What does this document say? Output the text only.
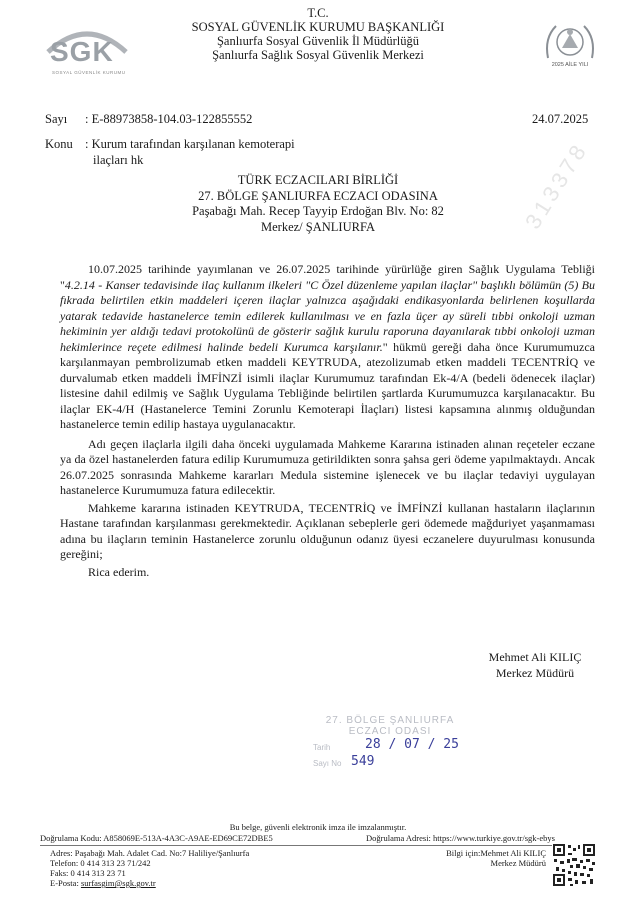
313378
SGK
SOSYAL GÜVENLİK KURUMU
T.C.
SOSYAL GÜVENLİK KURUMU BAŞKANLIĞI
Şanlıurfa Sosyal Güvenlik İl Müdürlüğü
Şanlıurfa Sağlık Sosyal Güvenlik Merkezi
2025 AİLE YILI
Sayı : E-88973858-104.03-122855552	24.07.2025
Konu : Kurum tarafından karşılanan kemoterapi
ilaçları hk
TÜRK ECZACILARI BİRLİĞİ
27. BÖLGE ŞANLIURFA ECZACI ODASINA
Paşabağı Mah. Recep Tayyip Erdoğan Blv. No: 82
Merkez/ ŞANLIURFA

10.07.2025 tarihinde yayımlanan ve 26.07.2025 tarihinde yürürlüğe giren Sağlık Uygulama Tebliği "4.2.14 - Kanser tedavisinde ilaç kullanım ilkeleri "C Özel düzenleme yapılan ilaçlar" başlıklı bölümün (5) Bu fıkrada belirtilen etkin maddeleri içeren ilaçlar yalnızca aşağıdaki endikasyonlarda belirlenen koşullarda yatarak tedavide hastanelerce temin edilerek kullanılması ve en fazla üçer ay süreli tıbbi onkoloji uzman hekiminin yer aldığı tedavi protokolünü de gösterir sağlık kurulu raporuna dayanılarak tıbbi onkoloji uzman hekimlerince reçete edilmesi halinde bedeli Kurumca karşılanır." hükmü gereği daha önce Kurumumuzca karşılanmayan pembrolizumab etken maddeli KEYTRUDA, atezolizumab etken maddeli TECENTRİQ ve durvalumab etken maddeli İMFİNZİ isimli ilaçlar Kurumumuz tarafından Ek-4/A (bedeli ödenecek ilaçlar) listesine dahil edilmiş ve Sağlık Uygulama Tebliğinde belirtilen şartlarda Kurumumuzca karşılanacaktır. Bu ilaçlar EK-4/H (Hastanelerce Temini Zorunlu Kemoterapi İlaçları) listesi kapsamına alınmış olduğundan hastanelerce temin edilip hastaya uygulanacaktır.

Adı geçen ilaçlarla ilgili daha önceki uygulamada Mahkeme Kararına istinaden alınan reçeteler eczane ya da özel hastanelerden fatura edilip Kurumumuza getirildikten sonra şahsa geri ödeme yapılmaktaydı. Ancak 26.07.2025 sonrasında Mahkeme kararları Medula sistemine işlenecek ve bu ilaçlar tedaviyi uygulayan hastanelerce Kurumumuza fatura edilecektir.

Mahkeme kararına istinaden KEYTRUDA, TECENTRİQ ve İMFİNZİ kullanan hastaların ilaçlarının Hastane tarafından karşılanması gerekmektedir. Açıklanan sebeplerle geri ödemede mağduriyet yaşanmaması adına bu ilaçların teminin Hastanelerce zorunlu olduğunun odanız üyesi eczanelere duyurulması konusunda gereğini;

Rica ederim.

Mehmet Ali KILIÇ
Merkez Müdürü
27. BÖLGE ŞANLIURFA
ECZACI ODASI
Tarih	28 / 07 / 25
Sayı No 549
Bu belge, güvenli elektronik imza ile imzalanmıştır.
Doğrulama Kodu: A858069E-513A-4A3C-A9AE-ED69CE72DBE5	Doğrulama Adresi: https://www.turkiye.gov.tr/sgk-ebys
Adres: Paşabağı Mah. Adalet Cad. No:7 Haliliye/Şanlıurfa
Telefon: 0 414 313 23 71/242
Faks: 0 414 313 23 71
E-Posta: surfasgim@sgk.gov.tr
Bilgi için:Mehmet Ali KILIÇ
Merkez Müdürü
